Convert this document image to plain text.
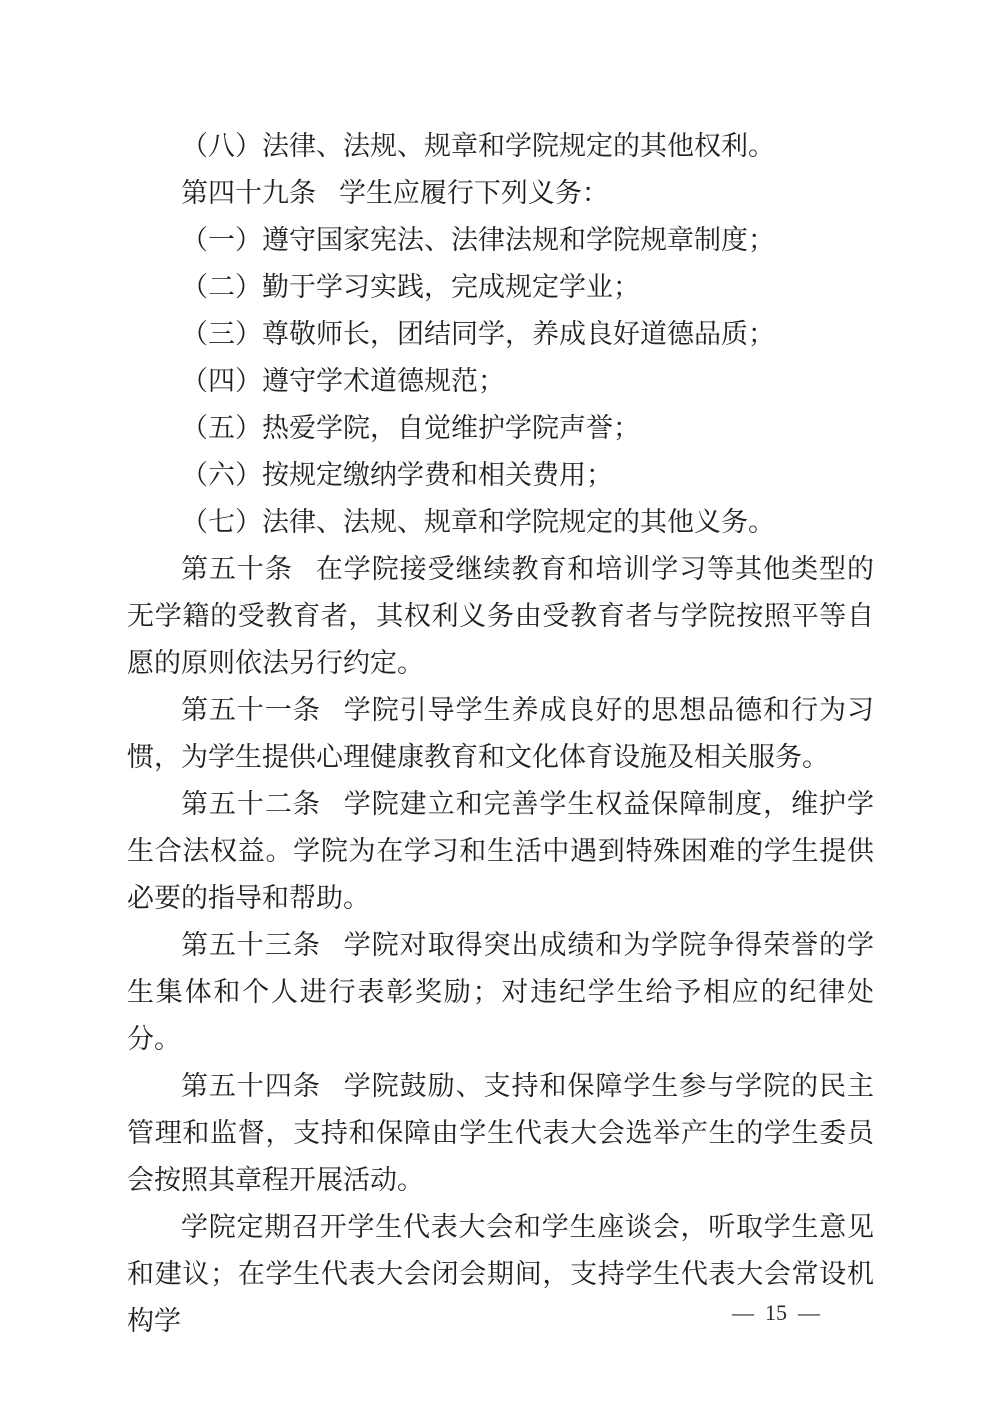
（八）法律、法规、规章和学院规定的其他权利。

第四十九条 学生应履行下列义务：

（一）遵守国家宪法、法律法规和学院规章制度；

（二）勤于学习实践，完成规定学业；

（三）尊敬师长，团结同学，养成良好道德品质；

（四）遵守学术道德规范；

（五）热爱学院，自觉维护学院声誉；

（六）按规定缴纳学费和相关费用；

（七）法律、法规、规章和学院规定的其他义务。

第五十条 在学院接受继续教育和培训学习等其他类型的无学籍的受教育者，其权利义务由受教育者与学院按照平等自愿的原则依法另行约定。

第五十一条 学院引导学生养成良好的思想品德和行为习惯，为学生提供心理健康教育和文化体育设施及相关服务。

第五十二条 学院建立和完善学生权益保障制度，维护学生合法权益。学院为在学习和生活中遇到特殊困难的学生提供必要的指导和帮助。

第五十三条 学院对取得突出成绩和为学院争得荣誉的学生集体和个人进行表彰奖励；对违纪学生给予相应的纪律处分。

第五十四条 学院鼓励、支持和保障学生参与学院的民主管理和监督，支持和保障由学生代表大会选举产生的学生委员会按照其章程开展活动。

学院定期召开学生代表大会和学生座谈会，听取学生意见和建议；在学生代表大会闭会期间，支持学生代表大会常设机构学	— 15 —
